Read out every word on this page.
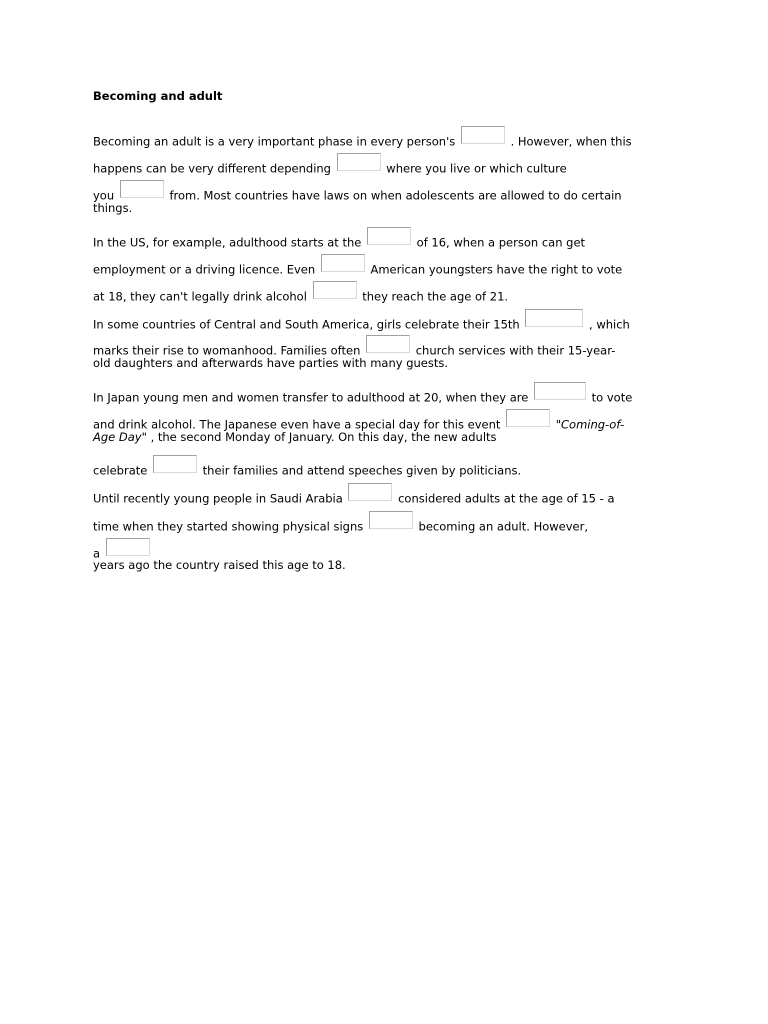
Becoming and adult
Becoming an adult is a very important phase in every person's	. However, when this
happens can be very different depending	where you live or which culture
you	from. Most countries have laws on when adolescents are allowed to do certain
things.
In the US, for example, adulthood starts at the	of 16, when a person can get
employment or a driving licence. Even	American youngsters have the right to vote
at 18, they can't legally drink alcohol	they reach the age of 21.
In some countries of Central and South America, girls celebrate their 15th	, which
marks their rise to womanhood. Families often	church services with their 15-year-
old daughters and afterwards have parties with many guests.
In Japan young men and women transfer to adulthood at 20, when they are	to vote
and drink alcohol. The Japanese even have a special day for this event	"Coming-of-
Age Day" , the second Monday of January. On this day, the new adults
celebrate	their families and attend speeches given by politicians.
Until recently young people in Saudi Arabia	considered adults at the age of 15 - a
time when they started showing physical signs	becoming an adult. However,
a
years ago the country raised this age to 18.
